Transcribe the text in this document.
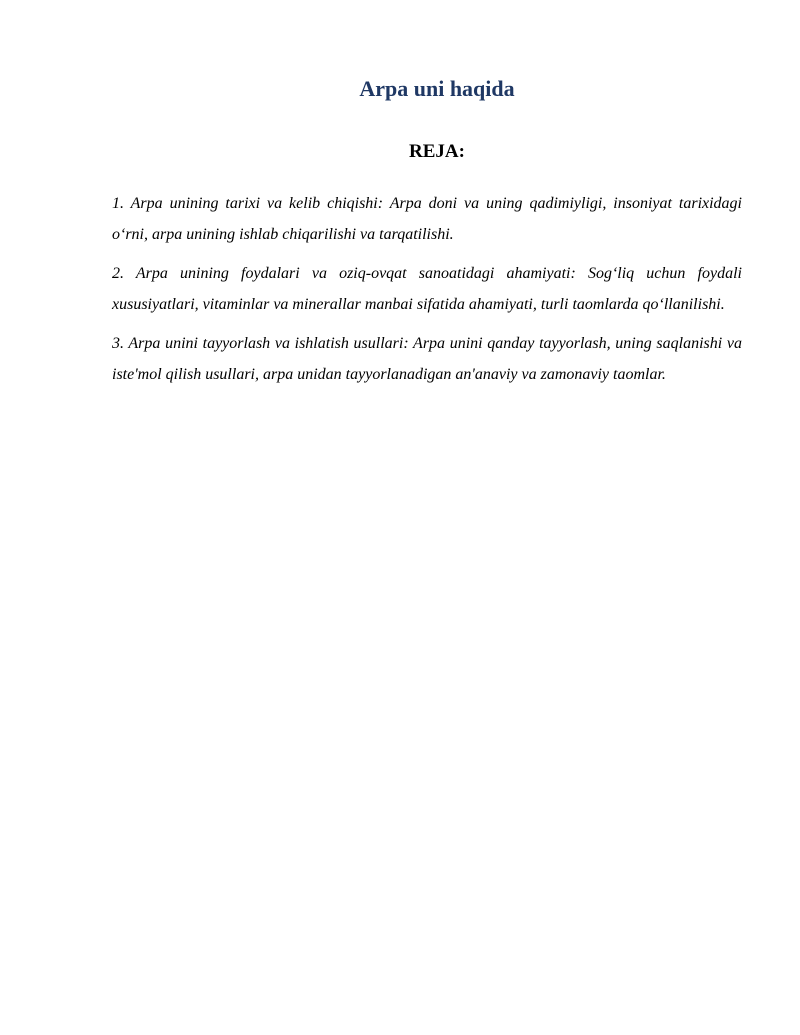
Arpa uni haqida
REJA:
1. Arpa unining tarixi va kelib chiqishi: Arpa doni va uning qadimiyligi, insoniyat tarixidagi o‘rni, arpa unining ishlab chiqarilishi va tarqatilishi.
2. Arpa unining foydalari va oziq-ovqat sanoatidagi ahamiyati: Sog‘liq uchun foydali xususiyatlari, vitaminlar va minerallar manbai sifatida ahamiyati, turli taomlarda qo‘llanilishi.
3. Arpa unini tayyorlash va ishlatish usullari: Arpa unini qanday tayyorlash, uning saqlanishi va iste'mol qilish usullari, arpa unidan tayyorlanadigan an'anaviy va zamonaviy taomlar.
